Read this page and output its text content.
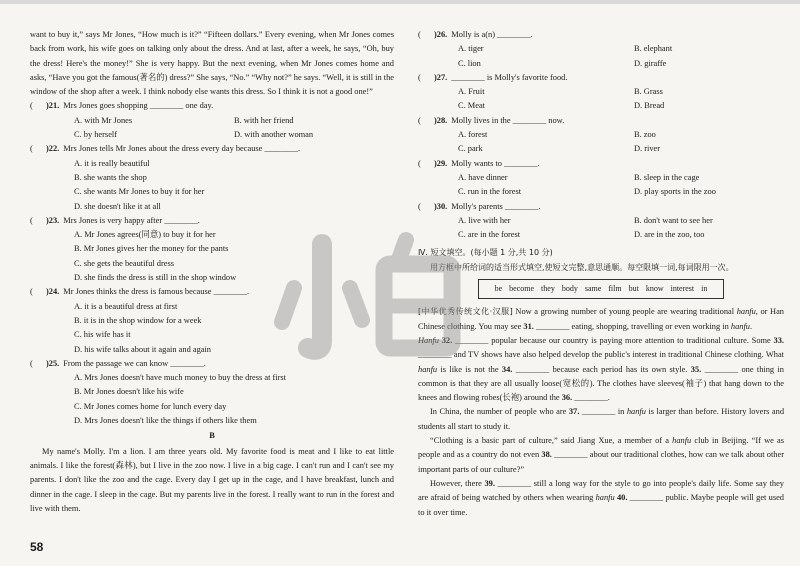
want to buy it,” says Mr Jones, “How much is it?” “Fifteen dollars.” Every evening, when Mr Jones comes back from work, his wife goes on talking only about the dress. And at last, after a week, he says, “Oh, buy the dress! Here's the money!” She is very happy. But the next evening, when Mr Jones comes home and asks, “Have you got the famous(著名的) dress?” She says, “No.” “Why not?” he says. “Well, it is still in the window of the shop after a week. I think nobody else wants this dress. So I think it is not a good one!”

(	)21. Mrs Jones goes shopping ________ one day.
A. with Mr Jones	B. with her friend
C. by herself	D. with another woman
(	)22. Mrs Jones tells Mr Jones about the dress every day because ________.
A. it is really beautiful
B. she wants the shop
C. she wants Mr Jones to buy it for her
D. she doesn't like it at all
(	)23. Mrs Jones is very happy after ________.
A. Mr Jones agrees(同意) to buy it for her
B. Mr Jones gives her the money for the pants
C. she gets the beautiful dress
D. she finds the dress is still in the shop window
(	)24. Mr Jones thinks the dress is famous because ________.
A. it is a beautiful dress at first
B. it is in the shop window for a week
C. his wife has it
D. his wife talks about it again and again
(	)25. From the passage we can know ________.
A. Mrs Jones doesn't have much money to buy the dress at first
B. Mr Jones doesn't like his wife
C. Mr Jones comes home for lunch every day
D. Mrs Jones doesn't like the things if others like them
B

My name's Molly. I'm a lion. I am three years old. My favorite food is meat and I like to eat little animals. I like the forest(森林), but I live in the zoo now. I live in a big cage. I can't run and I can't see my parents. I don't like the zoo and the cage. Every day I get up in the cage, and I have breakfast, lunch and dinner in the cage. I sleep in the cage. But my parents live in the forest. I really want to run in the forest and live with them.

(	)26. Molly is a(n) ________.
A. tiger	B. elephant
C. lion	D. giraffe
(	)27. ________ is Molly's favorite food.
A. Fruit	B. Grass
C. Meat	D. Bread
(	)28. Molly lives in the ________ now.
A. forest	B. zoo
C. park	D. river
(	)29. Molly wants to ________.
A. have dinner	B. sleep in the cage
C. run in the forest	D. play sports in the zoo
(	)30. Molly's parents ________.
A. live with her	B. don't want to see her
C. are in the forest	D. are in the zoo, too
Ⅳ. 短文填空。(每小题 1 分,共 10 分)
用方框中所给词的适当形式填空,使短文完整,意思通顺。每空限填一词,每词限用一次。
be become they body same film but know interest in

[中华优秀传统文化·汉服] Now a growing number of young people are wearing traditional hanfu, or Han Chinese clothing. You may see 31. ________ eating, shopping, travelling or even working in hanfu.

Hanfu 32. ________ popular because our country is paying more attention to traditional culture. Some 33. ________ and TV shows have also helped develop the public's interest in traditional Chinese clothing. What hanfu is like is not the 34. ________ because each period has its own style. 35. ________ one thing in common is that they are all usually loose(宽松的). The clothes have sleeves(袖子) that hang down to the knees and flowing robes(长袍) around the 36. ________.

In China, the number of people who are 37. ________ in hanfu is larger than before. History lovers and students all start to study it.

“Clothing is a basic part of culture,” said Jiang Xue, a member of a hanfu club in Beijing. “If we as people and as a country do not even 38. ________ about our traditional clothes, how can we talk about other important parts of our culture?”

However, there 39. ________ still a long way for the style to go into people's daily life. Some say they are afraid of being watched by others when wearing hanfu 40. ________ public. Maybe people will get used to it over time.

58
